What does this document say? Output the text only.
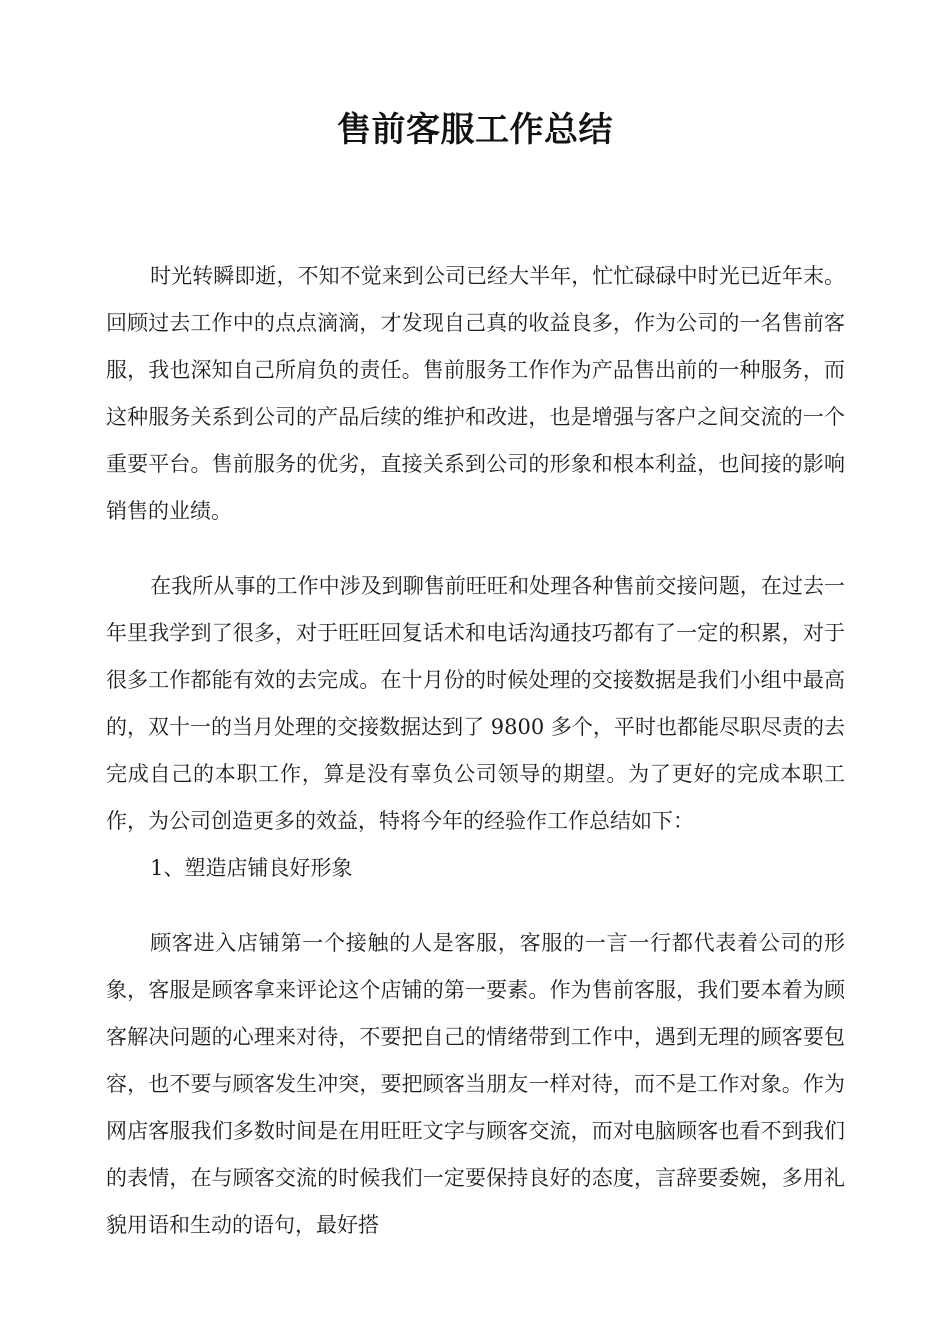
售前客服工作总结

时光转瞬即逝，不知不觉来到公司已经大半年，忙忙碌碌中时光已近年末。 回顾过去工作中的点点滴滴，才发现自己真的收益良多，作为公司的一名售前客 服，我也深知自己所肩负的责任。售前服务工作作为产品售出前的一种服务，而 这种服务关系到公司的产品后续的维护和改进，也是增强与客户之间交流的一个 重要平台。售前服务的优劣，直接关系到公司的形象和根本利益，也间接的影响 销售的业绩。

在我所从事的工作中涉及到聊售前旺旺和处理各种售前交接问题，在过去一 年里我学到了很多，对于旺旺回复话术和电话沟通技巧都有了一定的积累，对于 很多工作都能有效的去完成。在十月份的时候处理的交接数据是我们小组中最高 的，双十一的当月处理的交接数据达到了 9800 多个，平时也都能尽职尽责的去 完成自己的本职工作，算是没有辜负公司领导的期望。为了更好的完成本职工作，为公司创造更多的效益，特将今年的经验作工作总结如下：

1、塑造店铺良好形象

顾客进入店铺第一个接触的人是客服，客服的一言一行都代表着公司的形 象，客服是顾客拿来评论这个店铺的第一要素。作为售前客服，我们要本着为顾 客解决问题的心理来对待，不要把自己的情绪带到工作中，遇到无理的顾客要包 容，也不要与顾客发生冲突，要把顾客当朋友一样对待，而不是工作对象。作为 网店客服我们多数时间是在用旺旺文字与顾客交流，而对电脑顾客也看不到我们 的表情，在与顾客交流的时候我们一定要保持良好的态度，言辞要委婉，多用礼 貌用语和生动的语句，最好搭
